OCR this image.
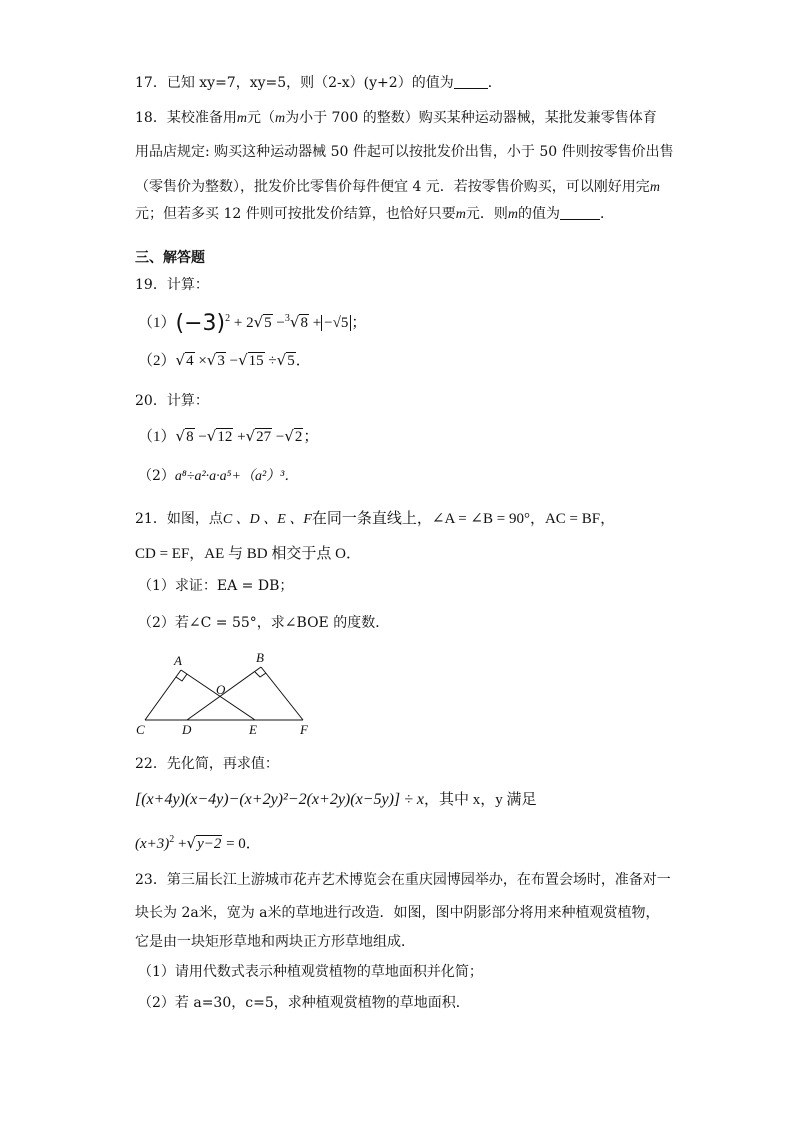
17．已知 xy=7，xy=5，则（2-x）(y+2）的值为 ．
18．某校准备用m元（m为小于 700 的整数）购买某种运动器械，某批发兼零售体育
用品店规定: 购买这种运动器械 50 件起可以按批发价出售，小于 50 件则按零售价出售
（零售价为整数），批发价比零售价每件便宜 4 元．若按零售价购买，可以刚好用完m
元；但若多买 12 件则可按批发价结算，也恰好只要m元．则m的值为	．
三、解答题
19．计算：
$(1)(-3)^2 + 2√5 -^3√8 + -√5$ ；
（2）√4 ×√3 −√15 ÷√5．
20．计算：
（1）√8 −√12 +√27 −√2；
（2）a⁸÷a²·a·a⁵+（a²）³．
21．如图，点C 、D 、E 、F在同一条直线上，∠A = ∠B = 90°，AC = BF，
CD = EF，AE 与 BD 相交于点 O．
（1）求证：EA = DB；
（2）若∠C = 55°，求∠BOE 的度数．
A	B
C	D	E	F
O
22．先化简，再求值：
[(x+4y)(x−4y)−(x+2y)²−2(x+2y)(x−5y)] ÷ x，其中 x，y 满足
$(x+3)^2 +√y-2 = 0$．
23．第三届长江上游城市花卉艺术博览会在重庆园博园举办，在布置会场时，准备对一
块长为 2a米，宽为 a米的草地进行改造．如图，图中阴影部分将用来种植观赏植物，
它是由一块矩形草地和两块正方形草地组成．
（1）请用代数式表示种植观赏植物的草地面积并化简；
（2）若 a=30，c=5，求种植观赏植物的草地面积．
